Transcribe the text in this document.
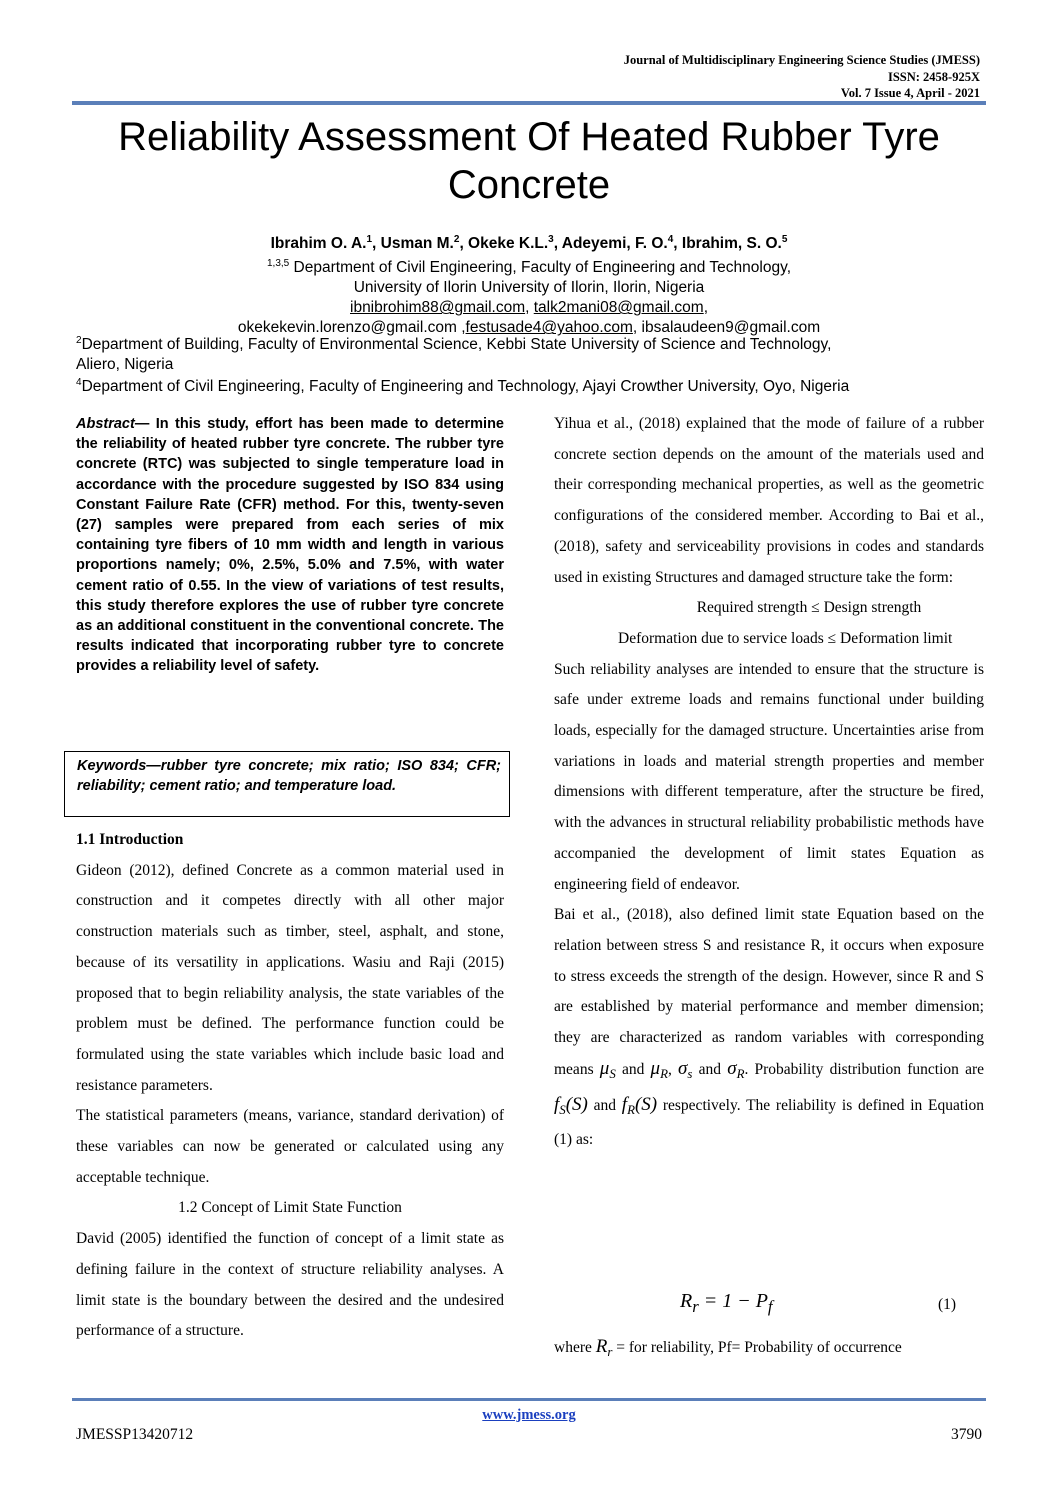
Journal of Multidisciplinary Engineering Science Studies (JMESS)
ISSN: 2458-925X
Vol. 7 Issue 4, April - 2021
Reliability Assessment Of Heated Rubber Tyre
Concrete
Ibrahim O. A.$^1$, Usman M.$^2$, Okeke K.L.$^3$, Adeyemi, F. O.$^4$, Ibrahim, S. O.$^5$
$^{1,3,5}$ Department of Civil Engineering, Faculty of Engineering and Technology,
University of Ilorin University of Ilorin, Ilorin, Nigeria
ibnibrohim88@gmail.com, talk2mani08@gmail.com,
okekekevin.lorenzo@gmail.com ,festusade4@yahoo.com, ibsalaudeen9@gmail.com
$^2$Department of Building, Faculty of Environmental Science, Kebbi State University of Science and Technology,
Aliero, Nigeria
$^4$Department of Civil Engineering, Faculty of Engineering and Technology, Ajayi Crowther University, Oyo, Nigeria
Abstract— In this study, effort has been made to determine the reliability of heated rubber tyre concrete. The rubber tyre concrete (RTC) was subjected to single temperature load in accordance with the procedure suggested by ISO 834 using Constant Failure Rate (CFR) method. For this, twenty-seven (27) samples were prepared from each series of mix containing tyre fibers of 10 mm width and length in various proportions namely; 0%, 2.5%, 5.0% and 7.5%, with water cement ratio of 0.55. In the view of variations of test results, this study therefore explores the use of rubber tyre concrete as an additional constituent in the conventional concrete. The results indicated that incorporating rubber tyre to concrete provides a reliability level of safety.
Keywords—rubber tyre concrete; mix ratio; ISO 834; CFR; reliability; cement ratio; and temperature load.

1.1 Introduction

Gideon (2012), defined Concrete as a common material used in construction and it competes directly with all other major construction materials such as timber, steel, asphalt, and stone, because of its versatility in applications. Wasiu and Raji (2015) proposed that to begin reliability analysis, the state variables of the problem must be defined. The performance function could be formulated using the state variables which include basic load and resistance parameters.

The statistical parameters (means, variance, standard derivation) of these variables can now be generated or calculated using any acceptable technique.

1.2 Concept of Limit State Function

David (2005) identified the function of concept of a limit state as defining failure in the context of structure reliability analyses. A limit state is the boundary between the desired and the undesired performance of a structure.

Yihua et al., (2018) explained that the mode of failure of a rubber concrete section depends on the amount of the materials used and their corresponding mechanical properties, as well as the geometric configurations of the considered member. According to Bai et al., (2018), safety and serviceability provisions in codes and standards used in existing Structures and damaged structure take the form:

Required strength ≤ Design strength

Deformation due to service loads ≤ Deformation limit

Such reliability analyses are intended to ensure that the structure is safe under extreme loads and remains functional under building loads, especially for the damaged structure. Uncertainties arise from variations in loads and material strength properties and member dimensions with different temperature, after the structure be fired, with the advances in structural reliability probabilistic methods have accompanied the development of limit states Equation as engineering field of endeavor.

Bai et al., (2018), also defined limit state Equation based on the relation between stress S and resistance R, it occurs when exposure to stress exceeds the strength of the design. However, since R and S are established by material performance and member dimension; they are characterized as random variables with corresponding means $\mu_S$ and $\mu_R$, $\sigma_s$ and $\sigma_R$. Probability distribution function are $f_S(S)$ and $f_R(S)$ respectively. The reliability is defined in Equation (1) as:

$R_r = 1 - P_f$	(1)
where $R_r$ = for reliability, Pf= Probability of occurrence
www.jmess.org
JMESSP13420712	3790
